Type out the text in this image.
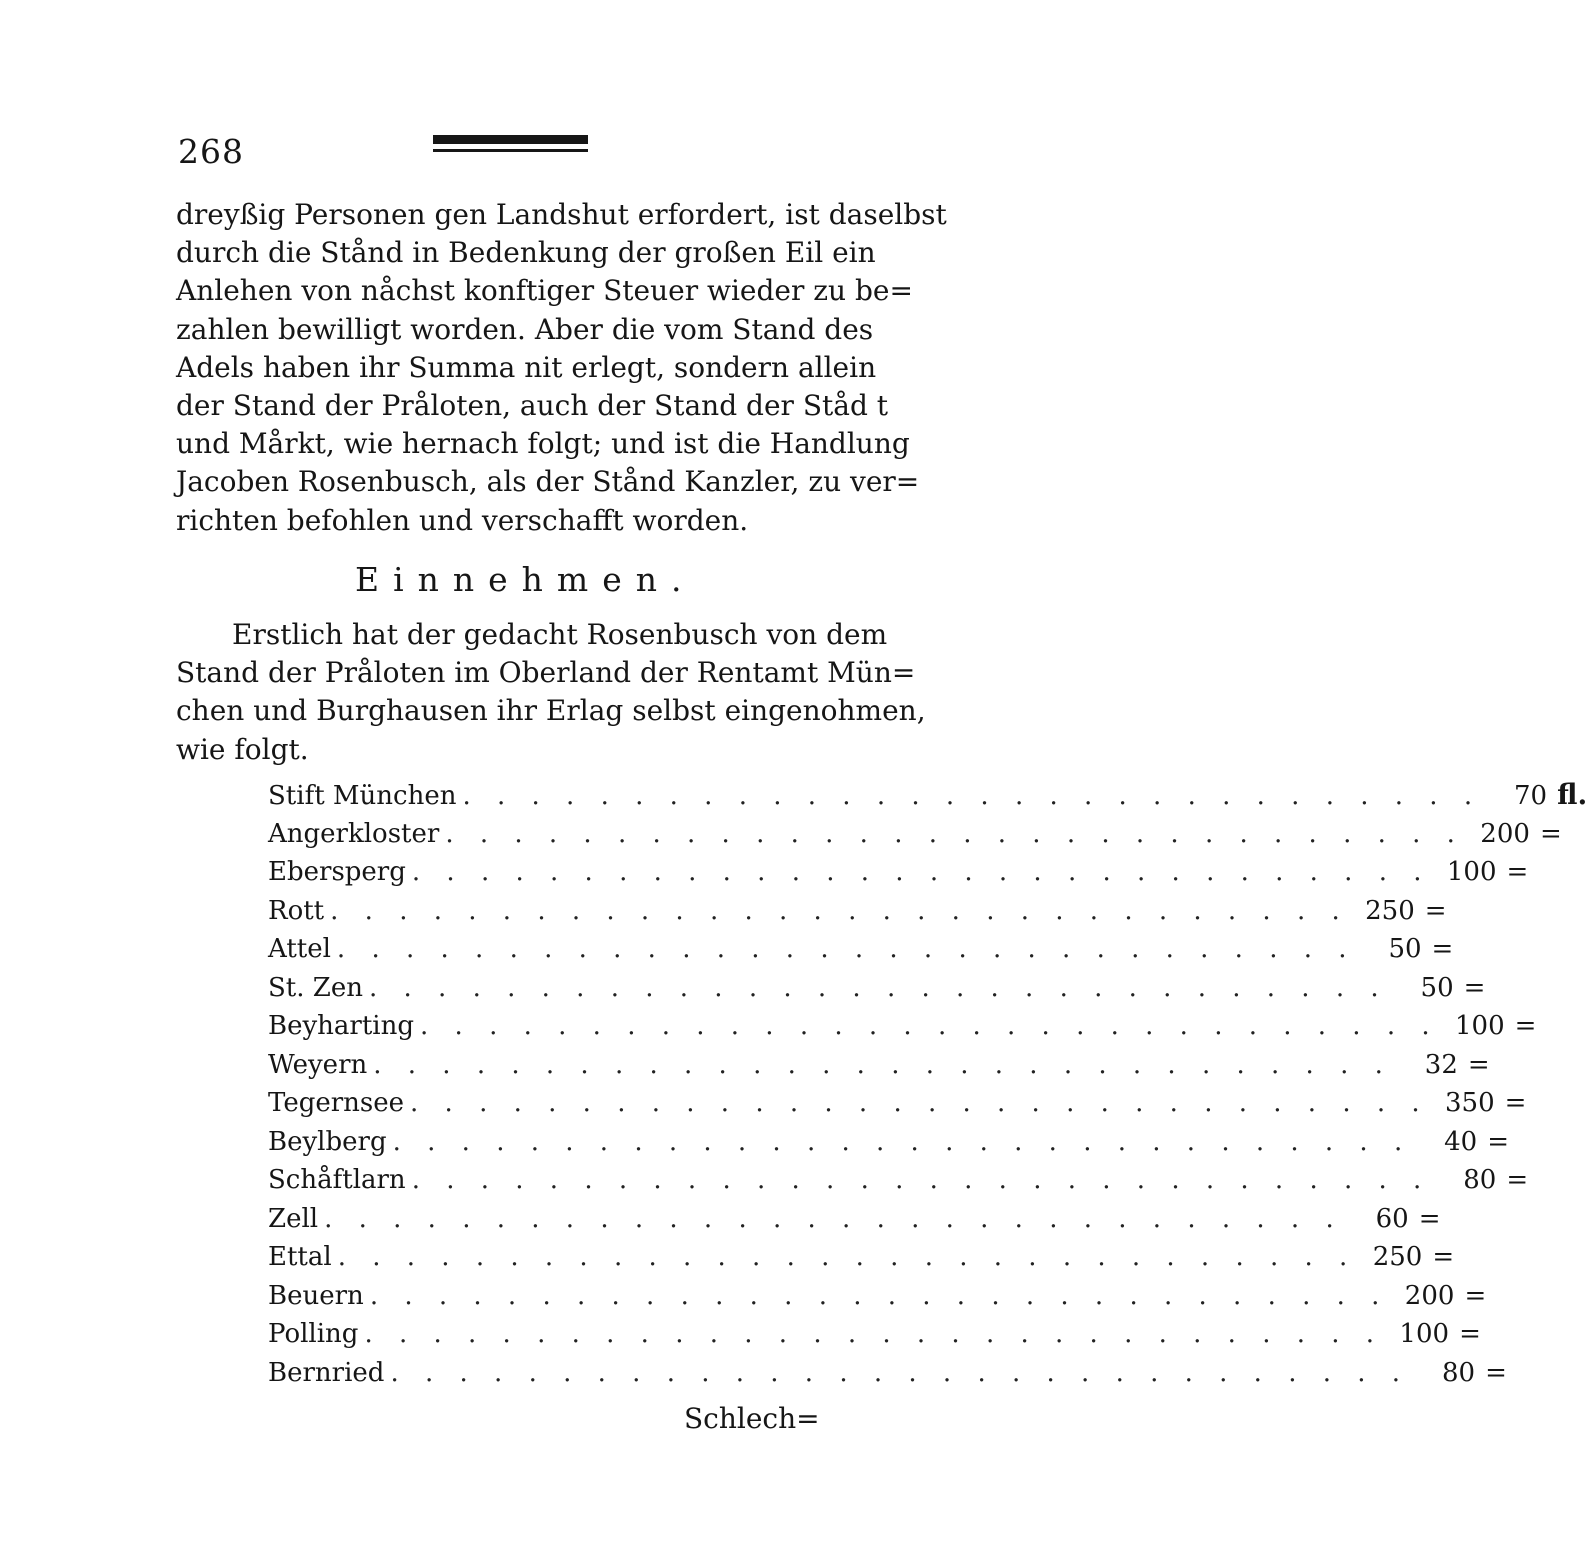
268
dreyßig Personen gen Landshut erfordert, ist daselbst
durch die Stånd in Bedenkung der großen Eil ein
Anlehen von nåchst konftiger Steuer wieder zu be=
zahlen bewilligt worden. Aber die vom Stand des
Adels haben ihr Summa nit erlegt, sondern allein
der Stand der Pråloten, auch der Stand der Ståd t
und Mårkt, wie hernach folgt; und ist die Handlung
Jacoben Rosenbusch, als der Stånd Kanzler, zu ver=
richten befohlen und verschafft worden.
Einnehmen.
Erstlich hat der gedacht Rosenbusch von dem
Stand der Pråloten im Oberland der Rentamt Mün=
chen und Burghausen ihr Erlag selbst eingenohmen,
wie folgt.
Stift München . . .	70 fl.
Angerkloster . . .	200 =
Ebersperg . . .	100 =
Rott . . .	250 =
Attel . . .	50 =
St. Zen . . .	50 =
Beyharting . . .	100 =
Weyern . . .	32 =
Tegernsee . . .	350 =
Beylberg . . .	40 =
Schåftlarn . . .	80 =
Zell . . .	60 =
Ettal . . .	250 =
Beuern . . .	200 =
Polling . . .	100 =
Bernried . . .	80 =
Schlech=
